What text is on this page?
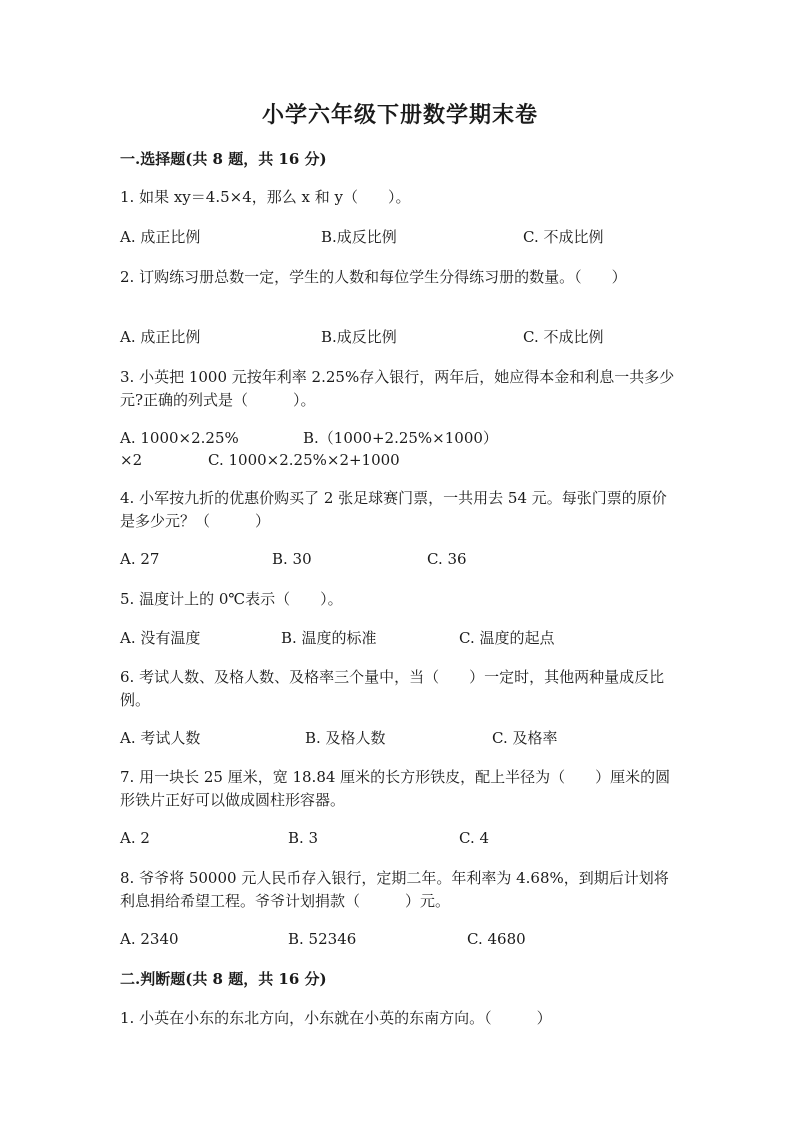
小学六年级下册数学期末卷
一.选择题(共 8 题，共 16 分)
1. 如果 xy＝4.5×4，那么 x 和 y（　　）。
A. 成正比例	B.成反比例	C. 不成比例
2. 订购练习册总数一定，学生的人数和每位学生分得练习册的数量。（　　）
A. 成正比例	B.成反比例	C. 不成比例
3. 小英把 1000 元按年利率 2.25%存入银行，两年后，她应得本金和利息一共多少元?正确的列式是（　　　）。
A. 1000×2.25%	B.（1000+2.25%×1000）
×2	C. 1000×2.25%×2+1000
4. 小军按九折的优惠价购买了 2 张足球赛门票，一共用去 54 元。每张门票的原价是多少元？（　　　）
A. 27	B. 30	C. 36
5. 温度计上的 0℃表示（　　）。
A. 没有温度	B. 温度的标准	C. 温度的起点
6. 考试人数、及格人数、及格率三个量中，当（　　）一定时，其他两种量成反比例。
A. 考试人数	B. 及格人数	C. 及格率
7. 用一块长 25 厘米，宽 18.84 厘米的长方形铁皮，配上半径为（　　）厘米的圆形铁片正好可以做成圆柱形容器。
A. 2	B. 3	C. 4
8. 爷爷将 50000 元人民币存入银行，定期二年。年利率为 4.68%，到期后计划将利息捐给希望工程。爷爷计划捐款（　　　）元。
A. 2340	B. 52346	C. 4680
二.判断题(共 8 题，共 16 分)
1. 小英在小东的东北方向，小东就在小英的东南方向。（　　　）
